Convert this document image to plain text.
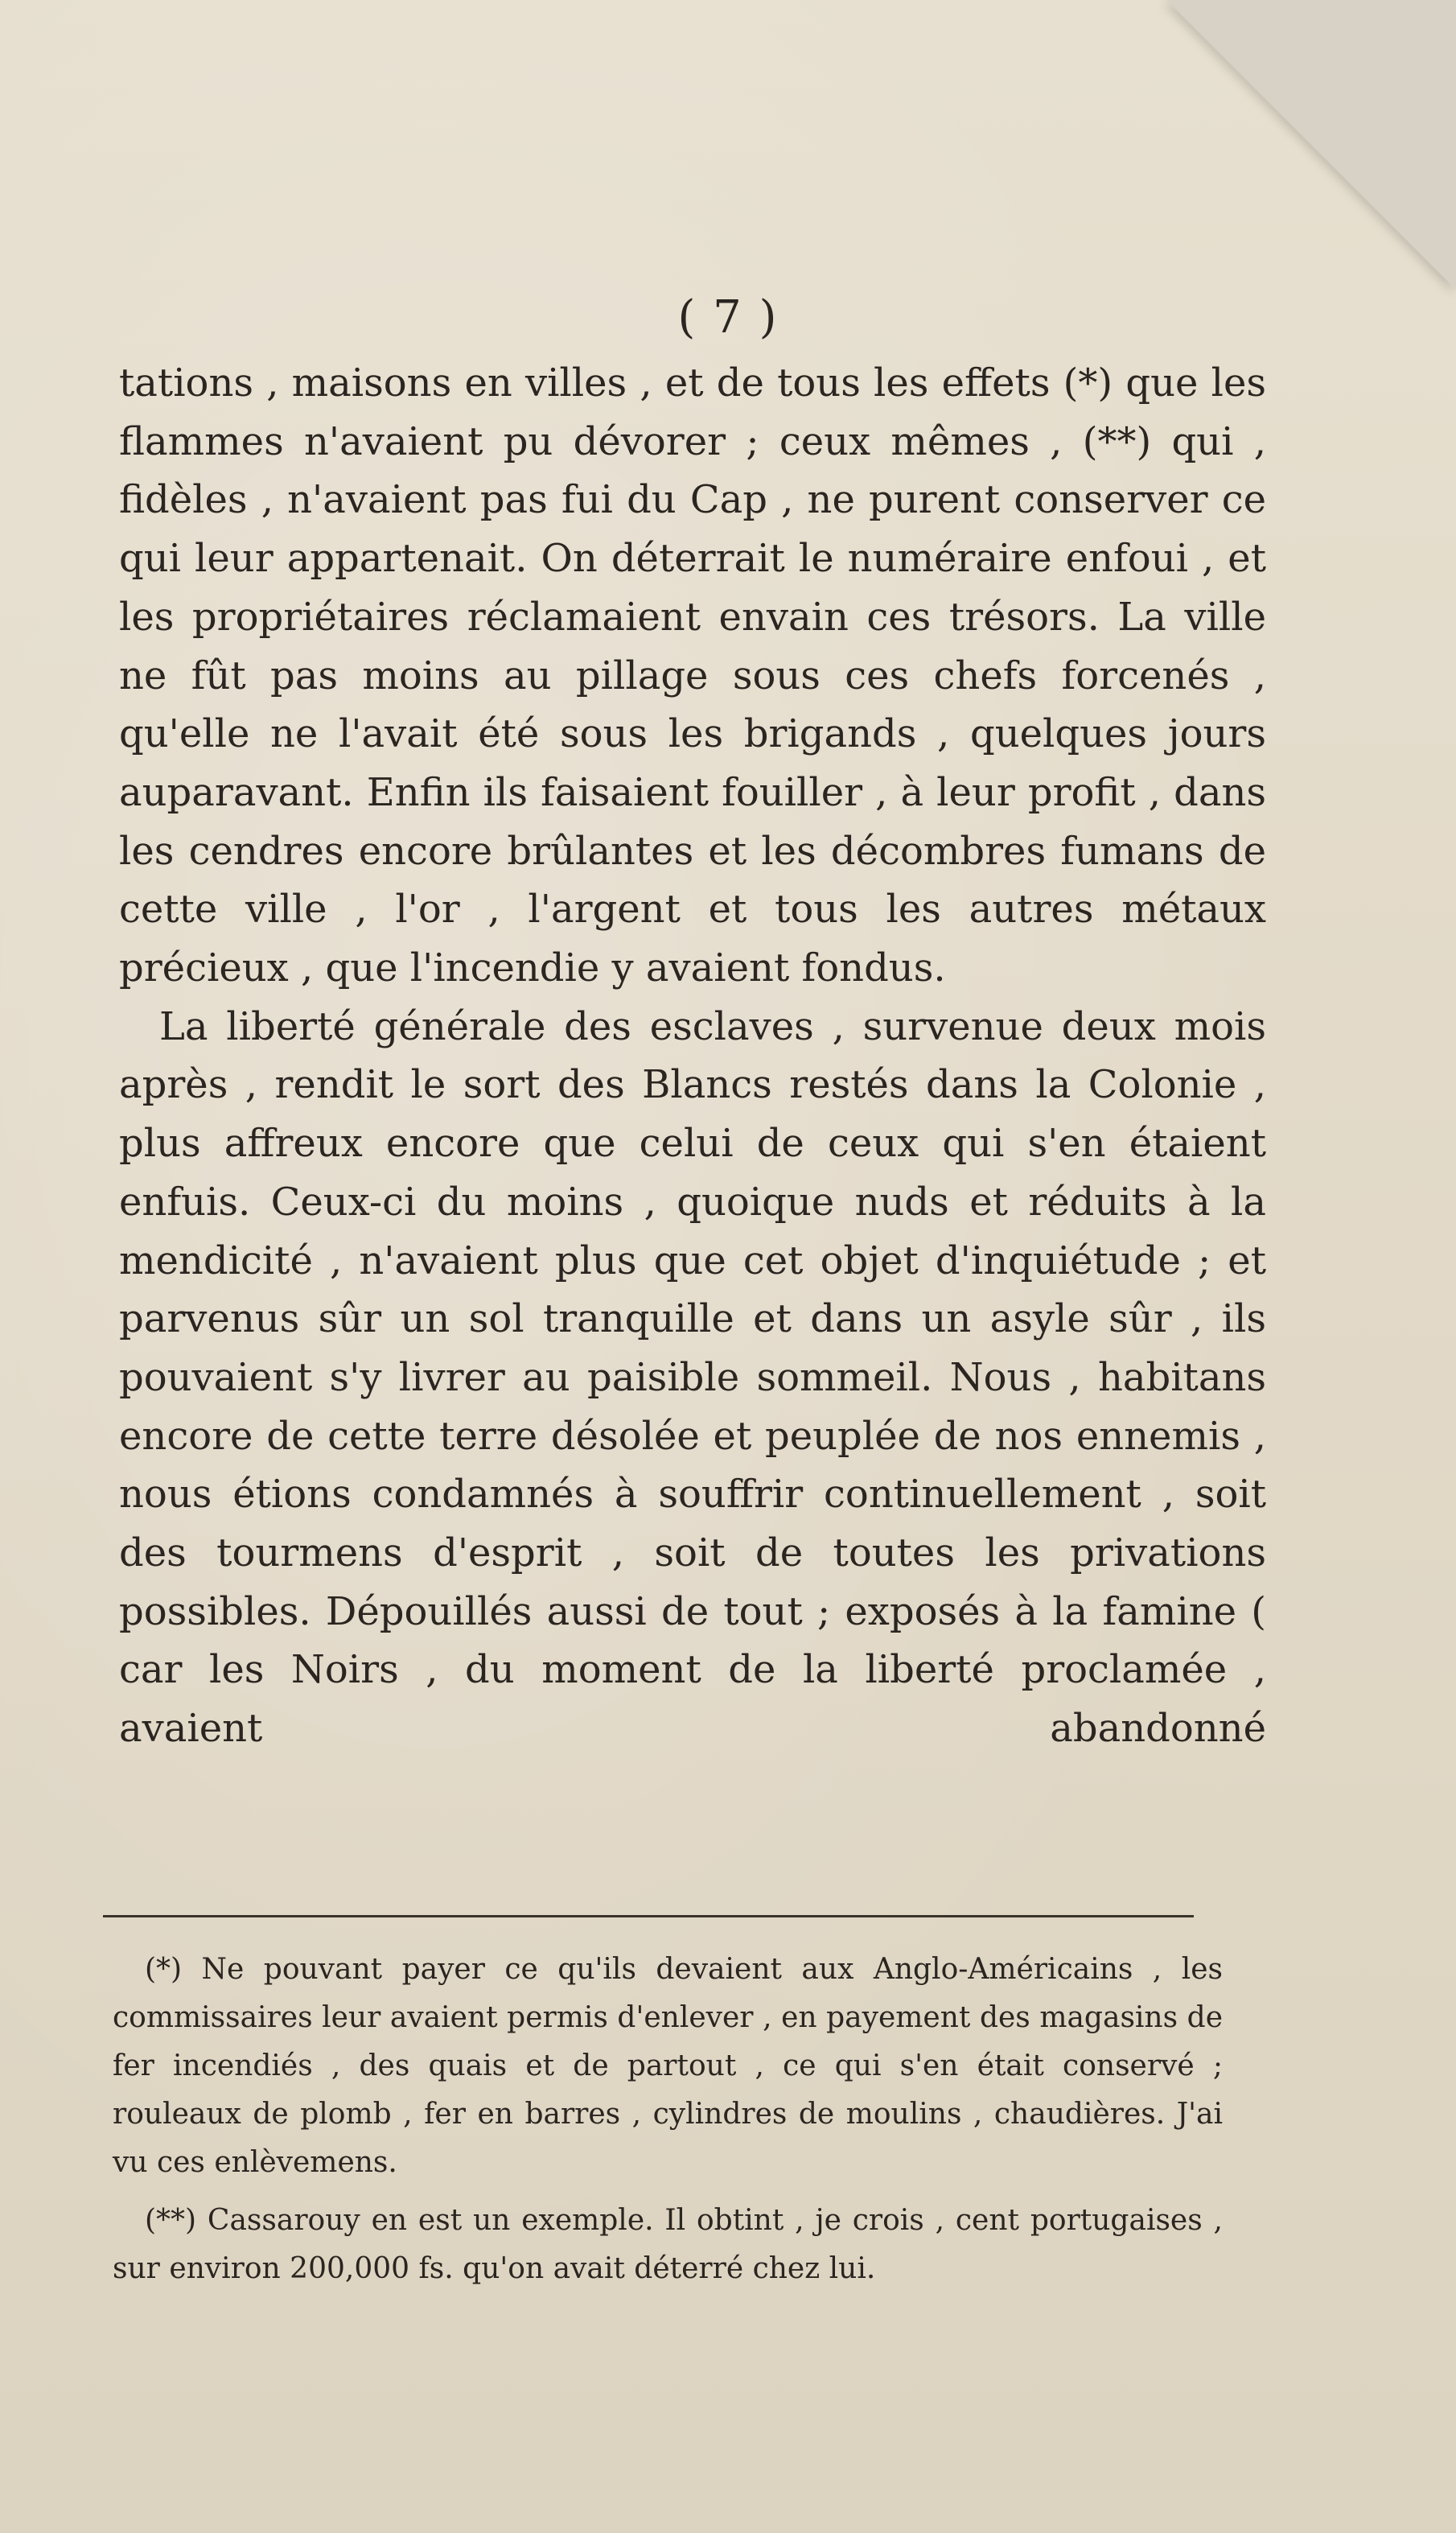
( 7 )

tations , maisons en villes , et de tous les effets (*) que les flammes n'avaient pu dévorer ; ceux mêmes , (**) qui , fidèles , n'avaient pas fui du Cap , ne purent conserver ce qui leur appartenait. On déterrait le numéraire enfoui , et les propriétaires réclamaient envain ces trésors. La ville ne fût pas moins au pillage sous ces chefs forcenés , qu'elle ne l'avait été sous les brigands , quelques jours auparavant. Enfin ils faisaient fouiller , à leur profit , dans les cendres encore brûlantes et les décombres fumans de cette ville , l'or , l'argent et tous les autres métaux précieux , que l'incendie y avaient fondus.

La liberté générale des esclaves , survenue deux mois après , rendit le sort des Blancs restés dans la Colonie , plus affreux encore que celui de ceux qui s'en étaient enfuis. Ceux-ci du moins , quoique nuds et réduits à la mendicité , n'avaient plus que cet objet d'inquiétude ; et parvenus sûr un sol tranquille et dans un asyle sûr , ils pouvaient s'y livrer au paisible sommeil. Nous , habitans encore de cette terre désolée et peuplée de nos ennemis , nous étions condamnés à souffrir continuellement , soit des tourmens d'esprit , soit de toutes les privations possibles. Dépouillés aussi de tout ; exposés à la famine ( car les Noirs , du moment de la liberté proclamée , avaient abandonné

(*) Ne pouvant payer ce qu'ils devaient aux Anglo-Américains , les commissaires leur avaient permis d'enlever , en payement des magasins de fer incendiés , des quais et de partout , ce qui s'en était conservé ; rouleaux de plomb , fer en barres , cylindres de moulins , chaudières. J'ai vu ces enlèvemens.

(**) Cassarouy en est un exemple. Il obtint , je crois , cent portugaises , sur environ 200,000 fs. qu'on avait déterré chez lui.
